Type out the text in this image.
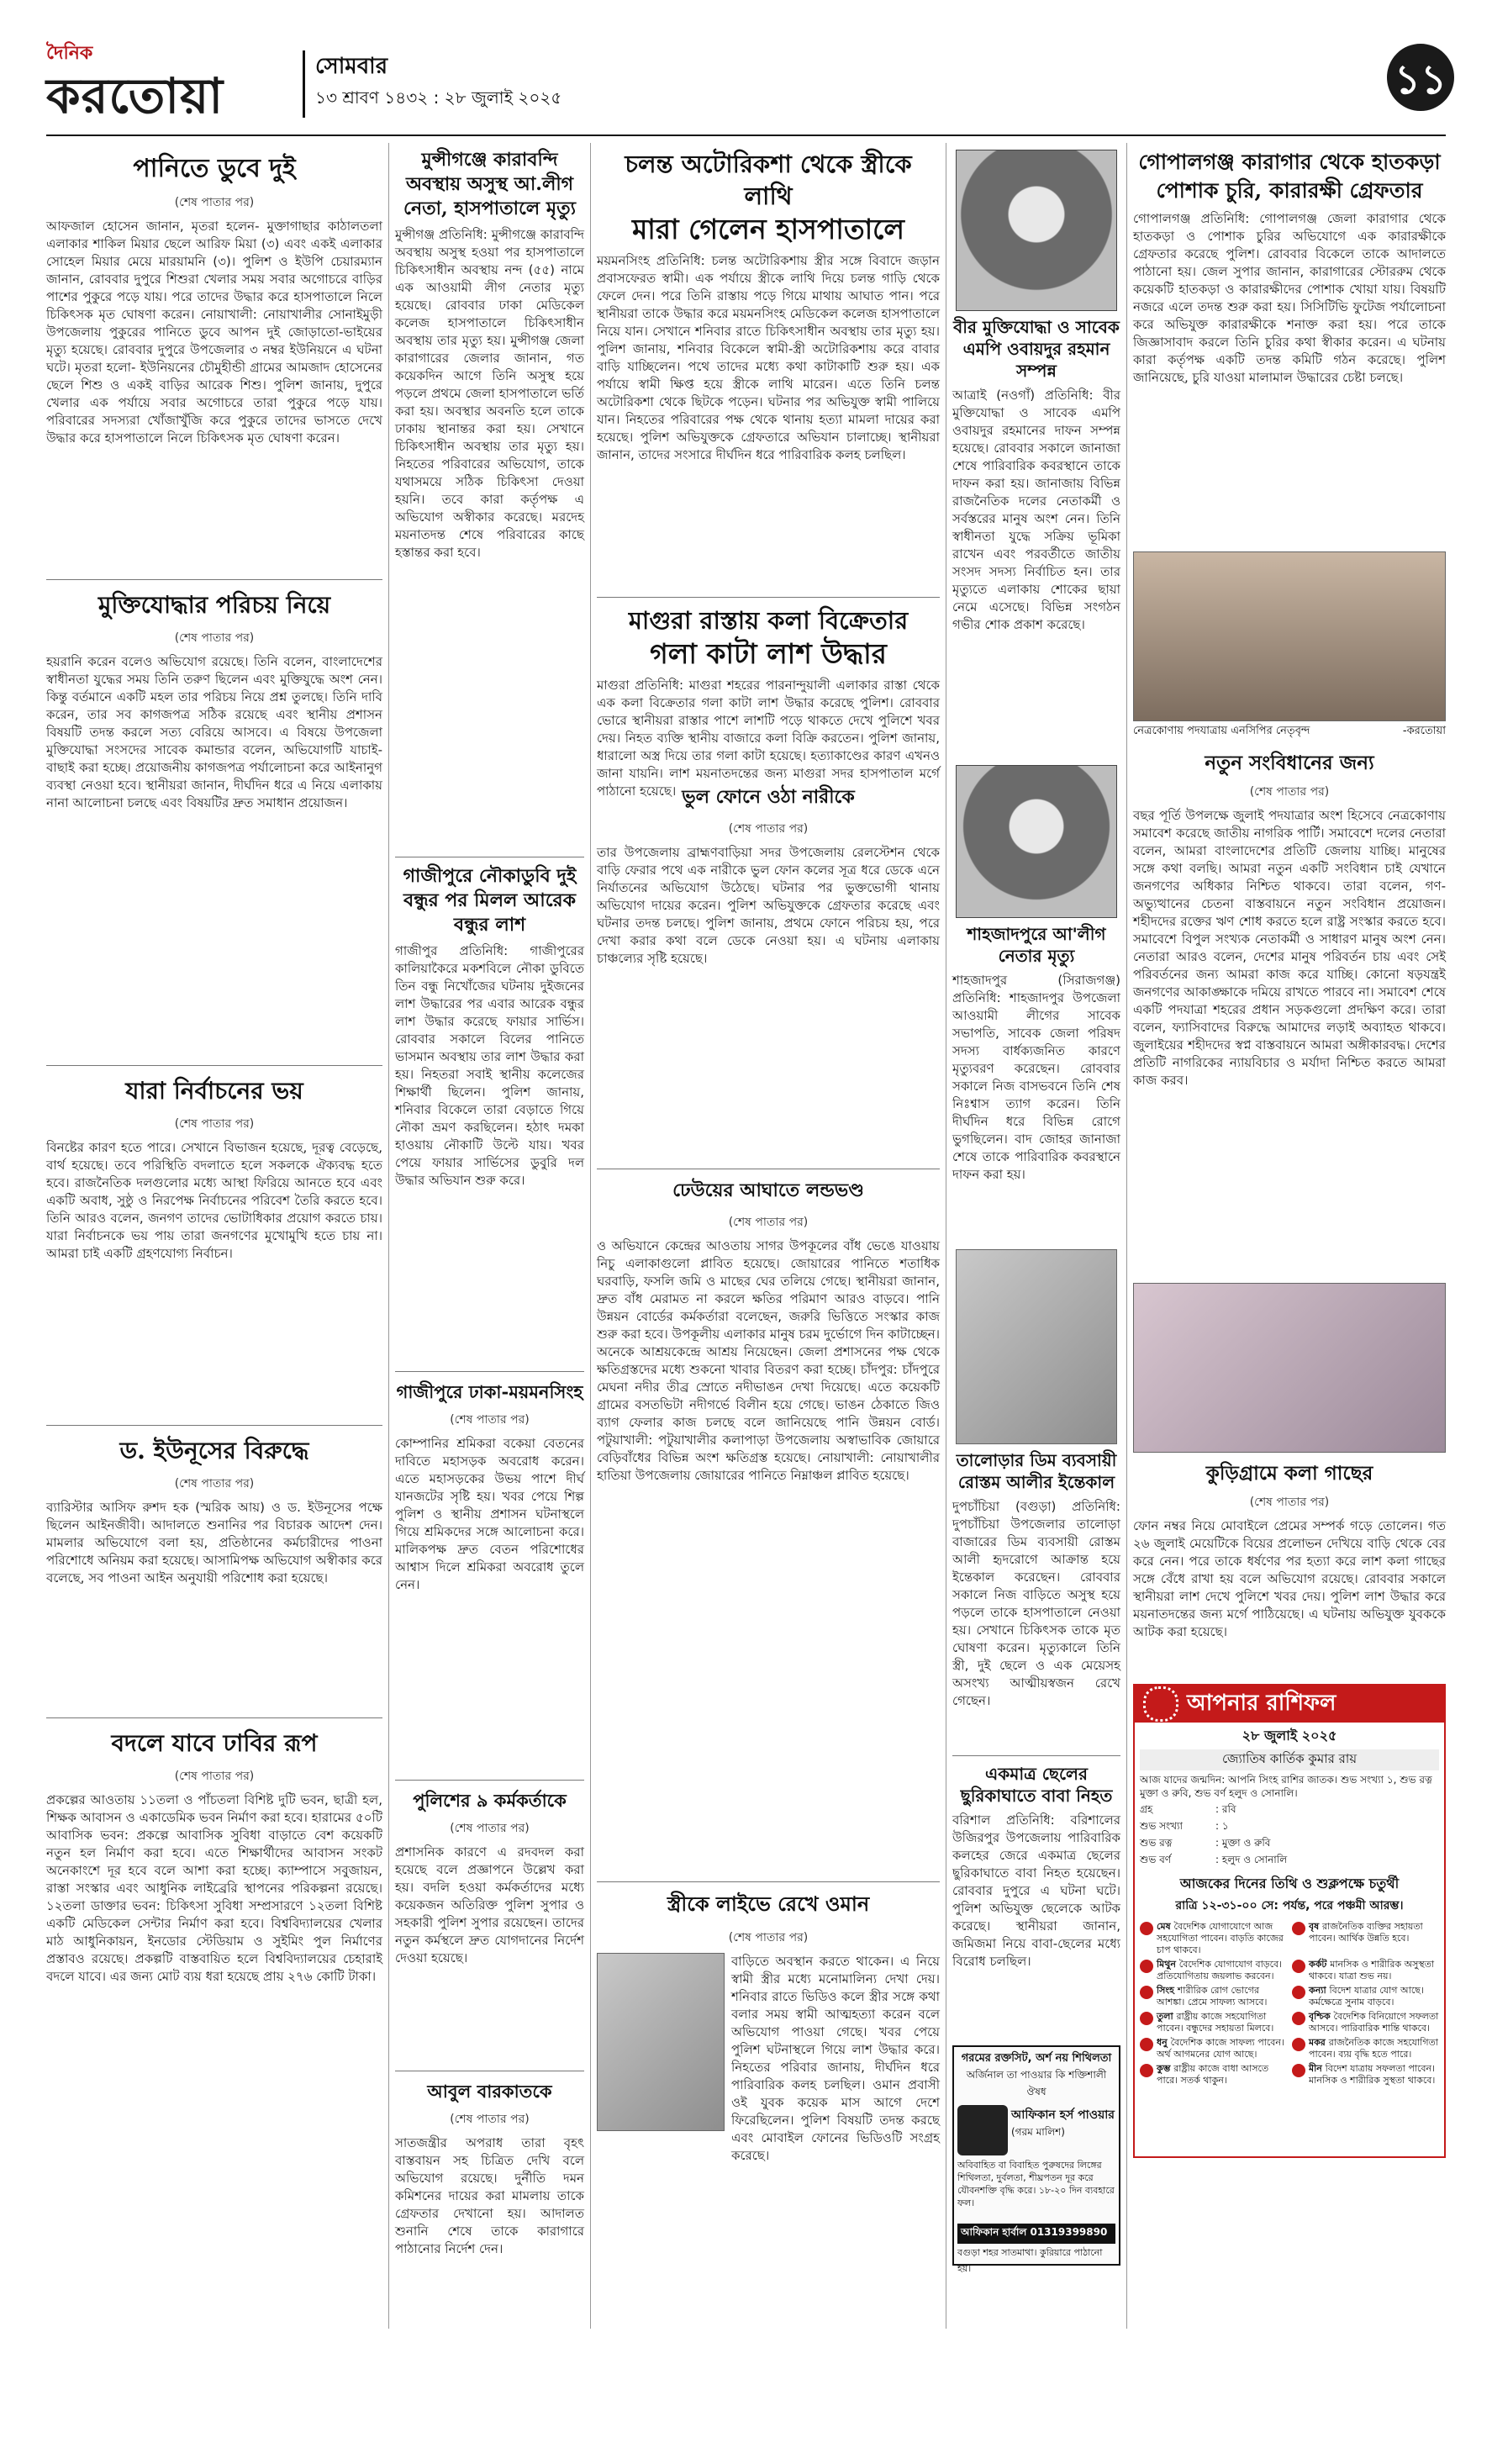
দৈনিক
করতোয়া
সোমবার
১৩ শ্রাবণ ১৪৩২ : ২৮ জুলাই ২০২৫	১১
পানিতে ডুবে দুই
(শেষ পাতার পর)
আফজাল হোসেন জানান, মৃতরা হলেন- মুক্তাগাছার কাঠালতলা এলাকার শাকিল মিয়ার ছেলে আরিফ মিয়া (৩) এবং একই এলাকার সোহেল মিয়ার মেয়ে মারয়ামনি (৩)। পুলিশ ও ইউপি চেয়ারম্যান জানান, রোববার দুপুরে শিশুরা খেলার সময় সবার অগোচরে বাড়ির পাশের পুকুরে পড়ে যায়। পরে তাদের উদ্ধার করে হাসপাতালে নিলে চিকিৎসক মৃত ঘোষণা করেন। নোয়াখালী: নোয়াখালীর সোনাইমুড়ী উপজেলায় পুকুরের পানিতে ডুবে আপন দুই জোড়াতো-ভাইয়ের মৃত্যু হয়েছে। রোববার দুপুরে উপজেলার ৩ নম্বর ইউনিয়নে এ ঘটনা ঘটে। মৃতরা হলো- ইউনিয়নের চৌমুহীন্ডী গ্রামের আমজাদ হোসেনের ছেলে শিশু ও একই বাড়ির আরেক শিশু। পুলিশ জানায়, দুপুরে খেলার এক পর্যায়ে সবার অগোচরে তারা পুকুরে পড়ে যায়। পরিবারের সদস্যরা খোঁজাখুঁজি করে পুকুরে তাদের ভাসতে দেখে উদ্ধার করে হাসপাতালে নিলে চিকিৎসক মৃত ঘোষণা করেন।
মুক্তিযোদ্ধার পরিচয় নিয়ে
(শেষ পাতার পর)
হয়রানি করেন বলেও অভিযোগ রয়েছে। তিনি বলেন, বাংলাদেশের স্বাধীনতা যুদ্ধের সময় তিনি তরুণ ছিলেন এবং মুক্তিযুদ্ধে অংশ নেন। কিন্তু বর্তমানে একটি মহল তার পরিচয় নিয়ে প্রশ্ন তুলছে। তিনি দাবি করেন, তার সব কাগজপত্র সঠিক রয়েছে এবং স্থানীয় প্রশাসন বিষয়টি তদন্ত করলে সত্য বেরিয়ে আসবে। এ বিষয়ে উপজেলা মুক্তিযোদ্ধা সংসদের সাবেক কমান্ডার বলেন, অভিযোগটি যাচাই-বাছাই করা হচ্ছে। প্রয়োজনীয় কাগজপত্র পর্যালোচনা করে আইনানুগ ব্যবস্থা নেওয়া হবে। স্থানীয়রা জানান, দীর্ঘদিন ধরে এ নিয়ে এলাকায় নানা আলোচনা চলছে এবং বিষয়টির দ্রুত সমাধান প্রয়োজন।
যারা নির্বাচনের ভয়
(শেষ পাতার পর)
বিনষ্টের কারণ হতে পারে। সেখানে বিভাজন হয়েছে, দূরত্ব বেড়েছে, বার্থ হয়েছে। তবে পরিস্থিতি বদলাতে হলে সকলকে ঐক্যবদ্ধ হতে হবে। রাজনৈতিক দলগুলোর মধ্যে আস্থা ফিরিয়ে আনতে হবে এবং একটি অবাধ, সুষ্ঠু ও নিরপেক্ষ নির্বাচনের পরিবেশ তৈরি করতে হবে। তিনি আরও বলেন, জনগণ তাদের ভোটাধিকার প্রয়োগ করতে চায়। যারা নির্বাচনকে ভয় পায় তারা জনগণের মুখোমুখি হতে চায় না। আমরা চাই একটি গ্রহণযোগ্য নির্বাচন।
ড. ইউনূসের বিরুদ্ধে
(শেষ পাতার পর)
ব্যারিস্টার আসিফ রুশদ হক (স্মরিক আয়) ও ড. ইউনূসের পক্ষে ছিলেন আইনজীবী। আদালতে শুনানির পর বিচারক আদেশ দেন। মামলার অভিযোগে বলা হয়, প্রতিষ্ঠানের কর্মচারীদের পাওনা পরিশোধে অনিয়ম করা হয়েছে। আসামিপক্ষ অভিযোগ অস্বীকার করে বলেছে, সব পাওনা আইন অনুযায়ী পরিশোধ করা হয়েছে।
বদলে যাবে ঢাবির রূপ
(শেষ পাতার পর)
প্রকল্পের আওতায় ১১তলা ও পাঁচতলা বিশিষ্ট দুটি ভবন, ছাত্রী হল, শিক্ষক আবাসন ও একাডেমিক ভবন নির্মাণ করা হবে। হারামের ৫০টি আবাসিক ভবন: প্রকল্পে আবাসিক সুবিধা বাড়াতে বেশ কয়েকটি নতুন হল নির্মাণ করা হবে। এতে শিক্ষার্থীদের আবাসন সংকট অনেকাংশে দূর হবে বলে আশা করা হচ্ছে। ক্যাম্পাসে সবুজায়ন, রাস্তা সংস্কার এবং আধুনিক লাইব্রেরি স্থাপনের পরিকল্পনা রয়েছে। ১২তলা ডাক্তার ভবন: চিকিৎসা সুবিধা সম্প্রসারণে ১২তলা বিশিষ্ট একটি মেডিকেল সেন্টার নির্মাণ করা হবে। বিশ্ববিদ্যালয়ের খেলার মাঠ আধুনিকায়ন, ইনডোর স্টেডিয়াম ও সুইমিং পুল নির্মাণের প্রস্তাবও রয়েছে। প্রকল্পটি বাস্তবায়িত হলে বিশ্ববিদ্যালয়ের চেহারাই বদলে যাবে। এর জন্য মোট ব্যয় ধরা হয়েছে প্রায় ২৭৬ কোটি টাকা।
মুন্সীগঞ্জে কারাবন্দি অবস্থায় অসুস্থ আ.লীগ নেতা, হাসপাতালে মৃত্যু
মুন্সীগঞ্জ প্রতিনিধি: মুন্সীগঞ্জে কারাবন্দি অবস্থায় অসুস্থ হওয়া পর হাসপাতালে চিকিৎসাধীন অবস্থায় নন্দ (৫৫) নামে এক আওয়ামী লীগ নেতার মৃত্যু হয়েছে। রোববার ঢাকা মেডিকেল কলেজ হাসপাতালে চিকিৎসাধীন অবস্থায় তার মৃত্যু হয়। মুন্সীগঞ্জ জেলা কারাগারের জেলার জানান, গত কয়েকদিন আগে তিনি অসুস্থ হয়ে পড়লে প্রথমে জেলা হাসপাতালে ভর্তি করা হয়। অবস্থার অবনতি হলে তাকে ঢাকায় স্থানান্তর করা হয়। সেখানে চিকিৎসাধীন অবস্থায় তার মৃত্যু হয়। নিহতের পরিবারের অভিযোগ, তাকে যথাসময়ে সঠিক চিকিৎসা দেওয়া হয়নি। তবে কারা কর্তৃপক্ষ এ অভিযোগ অস্বীকার করেছে। মরদেহ ময়নাতদন্ত শেষে পরিবারের কাছে হস্তান্তর করা হবে।
গাজীপুরে নৌকাডুবি দুই বন্ধুর পর মিলল আরেক বন্ধুর লাশ
গাজীপুর প্রতিনিধি: গাজীপুরের কালিয়াকৈরে মকশবিলে নৌকা ডুবিতে তিন বন্ধু নিখোঁজের ঘটনায় দুইজনের লাশ উদ্ধারের পর এবার আরেক বন্ধুর লাশ উদ্ধার করেছে ফায়ার সার্ভিস। রোববার সকালে বিলের পানিতে ভাসমান অবস্থায় তার লাশ উদ্ধার করা হয়। নিহতরা সবাই স্থানীয় কলেজের শিক্ষার্থী ছিলেন। পুলিশ জানায়, শনিবার বিকেলে তারা বেড়াতে গিয়ে নৌকা ভ্রমণ করছিলেন। হঠাৎ দমকা হাওয়ায় নৌকাটি উল্টে যায়। খবর পেয়ে ফায়ার সার্ভিসের ডুবুরি দল উদ্ধার অভিযান শুরু করে।
গাজীপুরে ঢাকা-ময়মনসিংহ
(শেষ পাতার পর)
কোম্পানির শ্রমিকরা বকেয়া বেতনের দাবিতে মহাসড়ক অবরোধ করেন। এতে মহাসড়কের উভয় পাশে দীর্ঘ যানজটের সৃষ্টি হয়। খবর পেয়ে শিল্প পুলিশ ও স্থানীয় প্রশাসন ঘটনাস্থলে গিয়ে শ্রমিকদের সঙ্গে আলোচনা করে। মালিকপক্ষ দ্রুত বেতন পরিশোধের আশ্বাস দিলে শ্রমিকরা অবরোধ তুলে নেন।
পুলিশের ৯ কর্মকর্তাকে
(শেষ পাতার পর)
প্রশাসনিক কারণে এ রদবদল করা হয়েছে বলে প্রজ্ঞাপনে উল্লেখ করা হয়। বদলি হওয়া কর্মকর্তাদের মধ্যে কয়েকজন অতিরিক্ত পুলিশ সুপার ও সহকারী পুলিশ সুপার রয়েছেন। তাদের নতুন কর্মস্থলে দ্রুত যোগদানের নির্দেশ দেওয়া হয়েছে।
আবুল বারকাতকে
(শেষ পাতার পর)
সাতজন্ত্রীর অপরাধ তারা বৃহৎ বাস্তবায়ন সহ চিত্রিত দেখি বলে অভিযোগ রয়েছে। দুর্নীতি দমন কমিশনের দায়ের করা মামলায় তাকে গ্রেফতার দেখানো হয়। আদালত শুনানি শেষে তাকে কারাগারে পাঠানোর নির্দেশ দেন।
চলন্ত অটোরিকশা থেকে স্ত্রীকে লাথি
মারা গেলেন হাসপাতালে
ময়মনসিংহ প্রতিনিধি: চলন্ত অটোরিকশায় স্ত্রীর সঙ্গে বিবাদে জড়ান প্রবাসফেরত স্বামী। এক পর্যায়ে স্ত্রীকে লাথি দিয়ে চলন্ত গাড়ি থেকে ফেলে দেন। পরে তিনি রাস্তায় পড়ে গিয়ে মাথায় আঘাত পান। পরে স্থানীয়রা তাকে উদ্ধার করে ময়মনসিংহ মেডিকেল কলেজ হাসপাতালে নিয়ে যান। সেখানে শনিবার রাতে চিকিৎসাধীন অবস্থায় তার মৃত্যু হয়। পুলিশ জানায়, শনিবার বিকেলে স্বামী-স্ত্রী অটোরিকশায় করে বাবার বাড়ি যাচ্ছিলেন। পথে তাদের মধ্যে কথা কাটাকাটি শুরু হয়। এক পর্যায়ে স্বামী ক্ষিপ্ত হয়ে স্ত্রীকে লাথি মারেন। এতে তিনি চলন্ত অটোরিকশা থেকে ছিটকে পড়েন। ঘটনার পর অভিযুক্ত স্বামী পালিয়ে যান। নিহতের পরিবারের পক্ষ থেকে থানায় হত্যা মামলা দায়ের করা হয়েছে। পুলিশ অভিযুক্তকে গ্রেফতারে অভিযান চালাচ্ছে। স্থানীয়রা জানান, তাদের সংসারে দীর্ঘদিন ধরে পারিবারিক কলহ চলছিল।
মাগুরা রাস্তায় কলা বিক্রেতার
গলা কাটা লাশ উদ্ধার
মাগুরা প্রতিনিধি: মাগুরা শহরের পারনান্দুয়ালী এলাকার রাস্তা থেকে এক কলা বিক্রেতার গলা কাটা লাশ উদ্ধার করেছে পুলিশ। রোববার ভোরে স্থানীয়রা রাস্তার পাশে লাশটি পড়ে থাকতে দেখে পুলিশে খবর দেয়। নিহত ব্যক্তি স্থানীয় বাজারে কলা বিক্রি করতেন। পুলিশ জানায়, ধারালো অস্ত্র দিয়ে তার গলা কাটা হয়েছে। হত্যাকাণ্ডের কারণ এখনও জানা যায়নি। লাশ ময়নাতদন্তের জন্য মাগুরা সদর হাসপাতাল মর্গে পাঠানো হয়েছে। ভুল ফোনে ওঠা নারীকে
(শেষ পাতার পর)
তার উপজেলায় ব্রাহ্মণবাড়িয়া সদর উপজেলায় রেলস্টেশন থেকে বাড়ি ফেরার পথে এক নারীকে ভুল ফোন কলের সূত্র ধরে ডেকে এনে নির্যাতনের অভিযোগ উঠেছে। ঘটনার পর ভুক্তভোগী থানায় অভিযোগ দায়ের করেন। পুলিশ অভিযুক্তকে গ্রেফতার করেছে এবং ঘটনার তদন্ত চলছে। পুলিশ জানায়, প্রথমে ফোনে পরিচয় হয়, পরে দেখা করার কথা বলে ডেকে নেওয়া হয়। এ ঘটনায় এলাকায় চাঞ্চল্যের সৃষ্টি হয়েছে।
ঢেউয়ের আঘাতে লন্ডভণ্ড
(শেষ পাতার পর)
ও অভিযানে কেন্দ্রের আওতায় সাগর উপকূলের বাঁধ ভেঙে যাওয়ায় নিচু এলাকাগুলো প্লাবিত হয়েছে। জোয়ারের পানিতে শতাধিক ঘরবাড়ি, ফসলি জমি ও মাছের ঘের তলিয়ে গেছে। স্থানীয়রা জানান, দ্রুত বাঁধ মেরামত না করলে ক্ষতির পরিমাণ আরও বাড়বে। পানি উন্নয়ন বোর্ডের কর্মকর্তারা বলেছেন, জরুরি ভিত্তিতে সংস্কার কাজ শুরু করা হবে। উপকূলীয় এলাকার মানুষ চরম দুর্ভোগে দিন কাটাচ্ছেন। অনেকে আশ্রয়কেন্দ্রে আশ্রয় নিয়েছেন। জেলা প্রশাসনের পক্ষ থেকে ক্ষতিগ্রস্তদের মধ্যে শুকনো খাবার বিতরণ করা হচ্ছে। চাঁদপুর: চাঁদপুরে মেঘনা নদীর তীব্র স্রোতে নদীভাঙন দেখা দিয়েছে। এতে কয়েকটি গ্রামের বসতভিটা নদীগর্ভে বিলীন হয়ে গেছে। ভাঙন ঠেকাতে জিও ব্যাগ ফেলার কাজ চলছে বলে জানিয়েছে পানি উন্নয়ন বোর্ড। পটুয়াখালী: পটুয়াখালীর কলাপাড়া উপজেলায় অস্বাভাবিক জোয়ারে বেড়িবাঁধের বিভিন্ন অংশ ক্ষতিগ্রস্ত হয়েছে। নোয়াখালী: নোয়াখালীর হাতিয়া উপজেলায় জোয়ারের পানিতে নিম্নাঞ্চল প্লাবিত হয়েছে।
স্ত্রীকে লাইভে রেখে ওমান
(শেষ পাতার পর)
বাড়িতে অবস্থান করতে থাকেন। এ নিয়ে স্বামী স্ত্রীর মধ্যে মনোমালিন্য দেখা দেয়। শনিবার রাতে ভিডিও কলে স্ত্রীর সঙ্গে কথা বলার সময় স্বামী আত্মহত্যা করেন বলে অভিযোগ পাওয়া গেছে। খবর পেয়ে পুলিশ ঘটনাস্থলে গিয়ে লাশ উদ্ধার করে। নিহতের পরিবার জানায়, দীর্ঘদিন ধরে পারিবারিক কলহ চলছিল। ওমান প্রবাসী ওই যুবক কয়েক মাস আগে দেশে ফিরেছিলেন। পুলিশ বিষয়টি তদন্ত করছে এবং মোবাইল ফোনের ভিডিওটি সংগ্রহ করেছে।
বীর মুক্তিযোদ্ধা ও সাবেক এমপি ওবায়দুর রহমান সম্পন্ন
আত্রাই (নওগাঁ) প্রতিনিধি: বীর মুক্তিযোদ্ধা ও সাবেক এমপি ওবায়দুর রহমানের দাফন সম্পন্ন হয়েছে। রোববার সকালে জানাজা শেষে পারিবারিক কবরস্থানে তাকে দাফন করা হয়। জানাজায় বিভিন্ন রাজনৈতিক দলের নেতাকর্মী ও সর্বস্তরের মানুষ অংশ নেন। তিনি স্বাধীনতা যুদ্ধে সক্রিয় ভূমিকা রাখেন এবং পরবর্তীতে জাতীয় সংসদ সদস্য নির্বাচিত হন। তার মৃত্যুতে এলাকায় শোকের ছায়া নেমে এসেছে। বিভিন্ন সংগঠন গভীর শোক প্রকাশ করেছে।
শাহজাদপুরে আ'লীগ নেতার মৃত্যু
শাহজাদপুর (সিরাজগঞ্জ) প্রতিনিধি: শাহজাদপুর উপজেলা আওয়ামী লীগের সাবেক সভাপতি, সাবেক জেলা পরিষদ সদস্য বার্ধক্যজনিত কারণে মৃত্যুবরণ করেছেন। রোববার সকালে নিজ বাসভবনে তিনি শেষ নিঃশ্বাস ত্যাগ করেন। তিনি দীর্ঘদিন ধরে বিভিন্ন রোগে ভুগছিলেন। বাদ জোহর জানাজা শেষে তাকে পারিবারিক কবরস্থানে দাফন করা হয়।
তালোড়ার ডিম ব্যবসায়ী রোস্তম আলীর ইন্তেকাল
দুপচাঁচিয়া (বগুড়া) প্রতিনিধি: দুপচাঁচিয়া উপজেলার তালোড়া বাজারের ডিম ব্যবসায়ী রোস্তম আলী হৃদরোগে আক্রান্ত হয়ে ইন্তেকাল করেছেন। রোববার সকালে নিজ বাড়িতে অসুস্থ হয়ে পড়লে তাকে হাসপাতালে নেওয়া হয়। সেখানে চিকিৎসক তাকে মৃত ঘোষণা করেন। মৃত্যুকালে তিনি স্ত্রী, দুই ছেলে ও এক মেয়েসহ অসংখ্য আত্মীয়স্বজন রেখে গেছেন।
একমাত্র ছেলের ছুরিকাঘাতে বাবা নিহত
বরিশাল প্রতিনিধি: বরিশালের উজিরপুর উপজেলায় পারিবারিক কলহের জেরে একমাত্র ছেলের ছুরিকাঘাতে বাবা নিহত হয়েছেন। রোববার দুপুরে এ ঘটনা ঘটে। পুলিশ অভিযুক্ত ছেলেকে আটক করেছে। স্থানীয়রা জানান, জমিজমা নিয়ে বাবা-ছেলের মধ্যে বিরোধ চলছিল।
গরমের রক্তসিট, অর্শ নয় শিথিলতা
অর্জিনাল তা পাওয়ার কি শক্তিশালী ঔষধ
আফিকান হর্স পাওয়ার
(গরম মালিশ)
অবিবাহিত বা বিবাহিত পুরুষদের লিঙ্গের শিথিলতা, দুর্বলতা, শীঘ্রপতন দূর করে যৌবনশক্তি বৃদ্ধি করে। ১৮-২০ দিন ব্যবহারে ফল।
আফিকান হার্বাল 01319399890
বগুড়া শহর সাতমাথা। কুরিয়ারে পাঠানো হয়।
গোপালগঞ্জ কারাগার থেকে হাতকড়া
পোশাক চুরি, কারারক্ষী গ্রেফতার
গোপালগঞ্জ প্রতিনিধি: গোপালগঞ্জ জেলা কারাগার থেকে হাতকড়া ও পোশাক চুরির অভিযোগে এক কারারক্ষীকে গ্রেফতার করেছে পুলিশ। রোববার বিকেলে তাকে আদালতে পাঠানো হয়। জেল সুপার জানান, কারাগারের স্টোররুম থেকে কয়েকটি হাতকড়া ও কারারক্ষীদের পোশাক খোয়া যায়। বিষয়টি নজরে এলে তদন্ত শুরু করা হয়। সিসিটিভি ফুটেজ পর্যালোচনা করে অভিযুক্ত কারারক্ষীকে শনাক্ত করা হয়। পরে তাকে জিজ্ঞাসাবাদ করলে তিনি চুরির কথা স্বীকার করেন। এ ঘটনায় কারা কর্তৃপক্ষ একটি তদন্ত কমিটি গঠন করেছে। পুলিশ জানিয়েছে, চুরি যাওয়া মালামাল উদ্ধারের চেষ্টা চলছে।
নেত্রকোণায় পদযাত্রায় এনসিপির নেতৃবৃন্দ	-করতোয়া
নতুন সংবিধানের জন্য
(শেষ পাতার পর)
বছর পূর্তি উপলক্ষে জুলাই পদযাত্রার অংশ হিসেবে নেত্রকোণায় সমাবেশ করেছে জাতীয় নাগরিক পার্টি। সমাবেশে দলের নেতারা বলেন, আমরা বাংলাদেশের প্রতিটি জেলায় যাচ্ছি। মানুষের সঙ্গে কথা বলছি। আমরা নতুন একটি সংবিধান চাই যেখানে জনগণের অধিকার নিশ্চিত থাকবে। তারা বলেন, গণ-অভ্যুত্থানের চেতনা বাস্তবায়নে নতুন সংবিধান প্রয়োজন। শহীদদের রক্তের ঋণ শোধ করতে হলে রাষ্ট্র সংস্কার করতে হবে। সমাবেশে বিপুল সংখ্যক নেতাকর্মী ও সাধারণ মানুষ অংশ নেন। নেতারা আরও বলেন, দেশের মানুষ পরিবর্তন চায় এবং সেই পরিবর্তনের জন্য আমরা কাজ করে যাচ্ছি। কোনো ষড়যন্ত্রই জনগণের আকাঙ্ক্ষাকে দমিয়ে রাখতে পারবে না। সমাবেশ শেষে একটি পদযাত্রা শহরের প্রধান সড়কগুলো প্রদক্ষিণ করে। তারা বলেন, ফ্যাসিবাদের বিরুদ্ধে আমাদের লড়াই অব্যাহত থাকবে। জুলাইয়ের শহীদদের স্বপ্ন বাস্তবায়নে আমরা অঙ্গীকারবদ্ধ। দেশের প্রতিটি নাগরিকের ন্যায়বিচার ও মর্যাদা নিশ্চিত করতে আমরা কাজ করব।
কুড়িগ্রামে কলা গাছের
(শেষ পাতার পর)
ফোন নম্বর নিয়ে মোবাইলে প্রেমের সম্পর্ক গড়ে তোলেন। গত ২৬ জুলাই মেয়েটিকে বিয়ের প্রলোভন দেখিয়ে বাড়ি থেকে বের করে নেন। পরে তাকে ধর্ষণের পর হত্যা করে লাশ কলা গাছের সঙ্গে বেঁধে রাখা হয় বলে অভিযোগ রয়েছে। রোববার সকালে স্থানীয়রা লাশ দেখে পুলিশে খবর দেয়। পুলিশ লাশ উদ্ধার করে ময়নাতদন্তের জন্য মর্গে পাঠিয়েছে। এ ঘটনায় অভিযুক্ত যুবককে আটক করা হয়েছে।
আপনার রাশিফল
২৮ জুলাই ২০২৫
জ্যোতিষ কার্তিক কুমার রায়
আজ যাদের জন্মদিন: আপনি সিংহ রাশির জাতক। শুভ সংখ্যা ১, শুভ রত্ন মুক্তা ও রুবি, শুভ বর্ণ হলুদ ও সোনালি।
গ্রহ	: রবি
শুভ সংখ্যা	: ১
শুভ রত্ন	: মুক্তা ও রুবি
শুভ বর্ণ	: হলুদ ও সোনালি
আজকের দিনের তিথি ও শুক্লপক্ষে চতুর্থী
রাত্রি ১২-৩১-০০ সে: পর্যন্ত, পরে পঞ্চমী আরম্ভ।
মেষ বৈদেশিক যোগাযোগে আজ সহযোগিতা পাবেন। বাড়তি কাজের চাপ থাকবে।
বৃষ রাজনৈতিক ব্যক্তির সহায়তা পাবেন। আর্থিক উন্নতি হবে।
মিথুন বৈদেশিক যোগাযোগ বাড়বে। প্রতিযোগিতায় জয়লাভ করবেন।
কর্কট মানসিক ও শারীরিক অসুস্থতা থাকবে। যাত্রা শুভ নয়।
সিংহ শারীরিক রোগ ভোগের আশঙ্কা। প্রেমে সাফল্য আসবে।
কন্যা বিদেশ যাত্রার যোগ আছে। কর্মক্ষেত্রে সুনাম বাড়বে।
তুলা রাষ্ট্রীয় কাজে সহযোগিতা পাবেন। বন্ধুদের সহায়তা মিলবে।
বৃশ্চিক বৈদেশিক বিনিয়োগে সফলতা আসবে। পারিবারিক শান্তি থাকবে।
ধনু বৈদেশিক কাজে সাফল্য পাবেন। অর্থ আগমনের যোগ আছে।
মকর রাজনৈতিক কাজে সহযোগিতা পাবেন। ব্যয় বৃদ্ধি হতে পারে।
কুম্ভ রাষ্ট্রীয় কাজে বাধা আসতে পারে। সতর্ক থাকুন।
মীন বিদেশ যাত্রায় সফলতা পাবেন। মানসিক ও শারীরিক সুস্থতা থাকবে।
